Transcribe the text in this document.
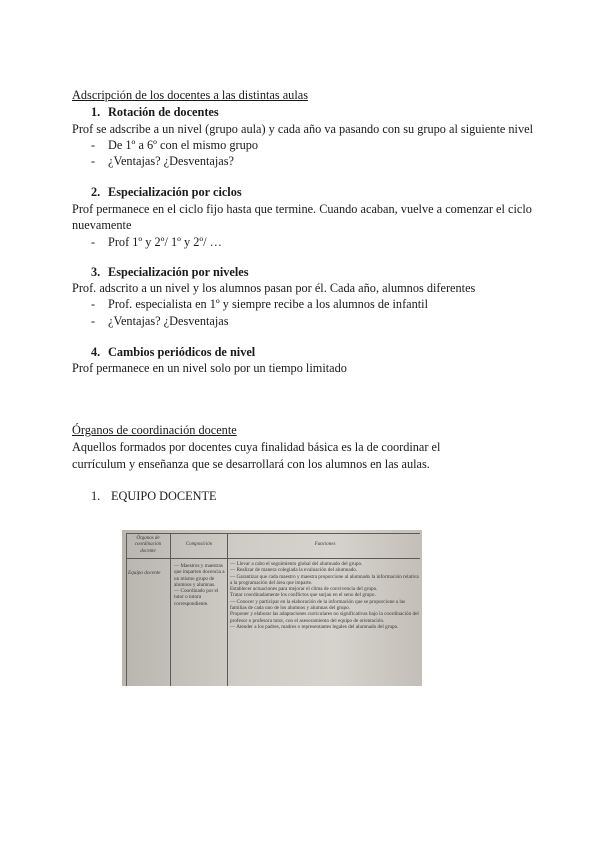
Adscripción de los docentes a las distintas aulas
1. Rotación de docentes
Prof se adscribe a un nivel (grupo aula) y cada año va pasando con su grupo al siguiente nivel
- De 1º a 6º con el mismo grupo
- ¿Ventajas? ¿Desventajas?
2. Especialización por ciclos
Prof permanece en el ciclo fijo hasta que termine. Cuando acaban, vuelve a comenzar el ciclo
nuevamente
- Prof 1º y 2º/ 1º y 2º/ …
3. Especialización por niveles
Prof. adscrito a un nivel y los alumnos pasan por él. Cada año, alumnos diferentes
- Prof. especialista en 1º y siempre recibe a los alumnos de infantil
- ¿Ventajas? ¿Desventajas
4. Cambios periódicos de nivel
Prof permanece en un nivel solo por un tiempo limitado
Órganos de coordinación docente
Aquellos formados por docentes cuya finalidad básica es la de coordinar el
currículum y enseñanza que se desarrollará con los alumnos en las aulas.
1. EQUIPO DOCENTE
Órganos de coordinación docente
Composición	Funciones
Equipo docente
— Maestros y maestras que imparten docencia a un mismo grupo de alumnos y alumnas.
— Coordinado por el tutor o tutora correspondiente.
— Llevar a cabo el seguimiento global del alumnado del grupo.
— Realizar de manera colegiada la evaluación del alumnado.
— Garantizar que cada maestro y maestra proporcione al alumnado la información relativa a la programación del área que imparte.
Establecer actuaciones para mejorar el clima de convivencia del grupo.
Tratar coordinadamente los conflictos que surjan en el seno del grupo.
— Conocer y participar en la elaboración de la información que se proporcione a las familias de cada uno de los alumnos y alumnas del grupo.
Proponer y elaborar las adaptaciones curriculares no significativas bajo la coordinación del profesor o profesora tutor, con el asesoramiento del equipo de orientación.
— Atender a los padres, madres o representantes legales del alumnado del grupo.
